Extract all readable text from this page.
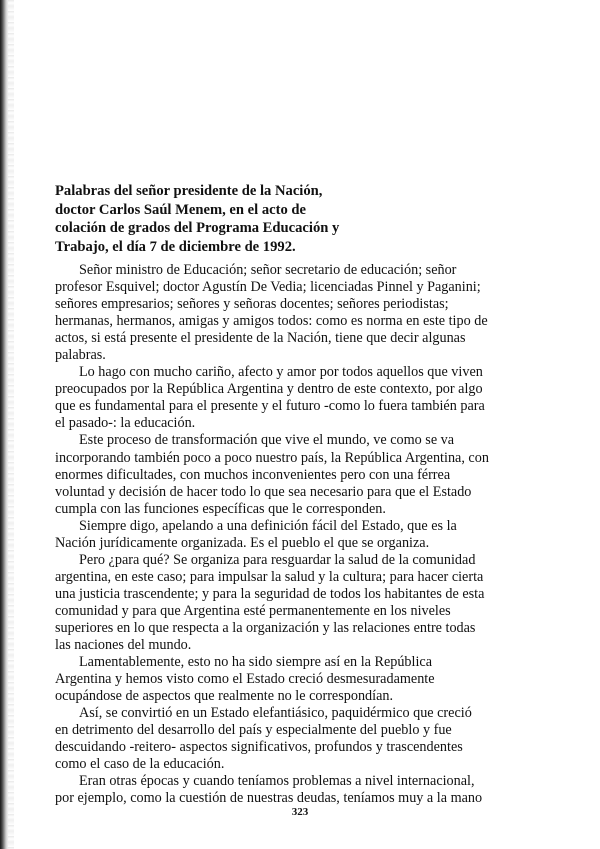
Palabras del señor presidente de la Nación,
doctor Carlos Saúl Menem, en el acto de
colación de grados del Programa Educación y
Trabajo, el día 7 de diciembre de 1992.

Señor ministro de Educación; señor secretario de educación; señor
profesor Esquivel; doctor Agustín De Vedia; licenciadas Pinnel y Paganini;
señores empresarios; señores y señoras docentes; señores periodistas;
hermanas, hermanos, amigas y amigos todos: como es norma en este tipo de
actos, si está presente el presidente de la Nación, tiene que decir algunas
palabras.

Lo hago con mucho cariño, afecto y amor por todos aquellos que viven
preocupados por la República Argentina y dentro de este contexto, por algo
que es fundamental para el presente y el futuro -como lo fuera también para
el pasado-: la educación.

Este proceso de transformación que vive el mundo, ve como se va
incorporando también poco a poco nuestro país, la República Argentina, con
enormes dificultades, con muchos inconvenientes pero con una férrea
voluntad y decisión de hacer todo lo que sea necesario para que el Estado
cumpla con las funciones específicas que le corresponden.

Siempre digo, apelando a una definición fácil del Estado, que es la
Nación jurídicamente organizada. Es el pueblo el que se organiza.

Pero ¿para qué? Se organiza para resguardar la salud de la comunidad
argentina, en este caso; para impulsar la salud y la cultura; para hacer cierta
una justicia trascendente; y para la seguridad de todos los habitantes de esta
comunidad y para que Argentina esté permanentemente en los niveles
superiores en lo que respecta a la organización y las relaciones entre todas
las naciones del mundo.

Lamentablemente, esto no ha sido siempre así en la República
Argentina y hemos visto como el Estado creció desmesuradamente
ocupándose de aspectos que realmente no le correspondían.

Así, se convirtió en un Estado elefantiásico, paquidérmico que creció
en detrimento del desarrollo del país y especialmente del pueblo y fue
descuidando -reitero- aspectos significativos, profundos y trascendentes
como el caso de la educación.

Eran otras épocas y cuando teníamos problemas a nivel internacional,
por ejemplo, como la cuestión de nuestras deudas, teníamos muy a la mano

323
